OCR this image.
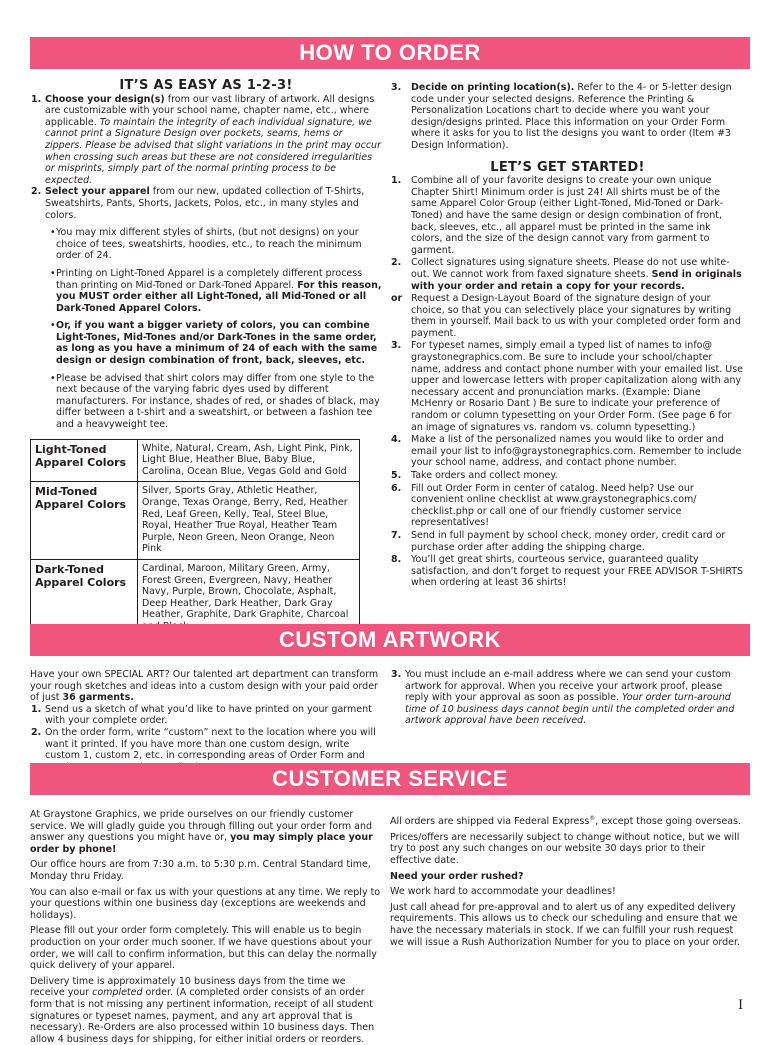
HOW TO ORDER
IT’S AS EASY AS 1-2-3!
1. Choose your design(s) from our vast library of artwork. All designs are customizable with your school name, chapter name, etc., where applicable. To maintain the integrity of each individual signature, we cannot print a Signature Design over pockets, seams, hems or zippers. Please be advised that slight variations in the print may occur when crossing such areas but these are not considered irregularities or misprints, simply part of the normal printing process to be expected.
2. Select your apparel from our new, updated collection of T-Shirts, Sweatshirts, Pants, Shorts, Jackets, Polos, etc., in many styles and colors.
• You may mix different styles of shirts, (but not designs) on your choice of tees, sweatshirts, hoodies, etc., to reach the minimum order of 24.
• Printing on Light-Toned Apparel is a completely different process than printing on Mid-Toned or Dark-Toned Apparel. For this reason, you MUST order either all Light-Toned, all Mid-Toned or all Dark-Toned Apparel Colors.
• Or, if you want a bigger variety of colors, you can combine Light-Tones, Mid-Tones and/or Dark-Tones in the same order, as long as you have a minimum of 24 of each with the same design or design combination of front, back, sleeves, etc.
• Please be advised that shirt colors may differ from one style to the next because of the varying fabric dyes used by different manufacturers. For instance, shades of red, or shades of black, may differ between a t-shirt and a sweatshirt, or between a fashion tee and a heavyweight tee.
Light-Toned Apparel Colors	White, Natural, Cream, Ash, Light Pink, Pink, Light Blue, Heather Blue, Baby Blue, Carolina, Ocean Blue, Vegas Gold and Gold
Mid-Toned Apparel Colors	Silver, Sports Gray, Athletic Heather, Orange, Texas Orange, Berry, Red, Heather Red, Leaf Green, Kelly, Teal, Steel Blue, Royal, Heather True Royal, Heather Team Purple, Neon Green, Neon Orange, Neon Pink
Dark-Toned Apparel Colors	Cardinal, Maroon, Military Green, Army, Forest Green, Evergreen, Navy, Heather Navy, Purple, Brown, Chocolate, Asphalt, Deep Heather, Dark Heather, Dark Gray Heather, Graphite, Dark Graphite, Charcoal
3. Decide on printing location(s). Refer to the 4- or 5-letter design code under your selected designs. Reference the Printing & Personalization Locations chart to decide where you want your design/designs printed. Place this information on your Order Form where it asks for you to list the designs you want to order (Item #3 Design Information).
LET’S GET STARTED!
1. Combine all of your favorite designs to create your own unique Chapter Shirt! Minimum order is just 24! All shirts must be of the same Apparel Color Group (either Light-Toned, Mid-Toned or Dark-Toned) and have the same design or design combination of front, back, sleeves, etc., all apparel must be printed in the same ink colors, and the size of the design cannot vary from garment to garment.
2. Collect signatures using signature sheets. Please do not use white-out. We cannot work from faxed signature sheets. Send in originals with your order and retain a copy for your records.
or Request a Design-Layout Board of the signature design of your choice, so that you can selectively place your signatures by writing them in yourself. Mail back to us with your completed order form and payment.
3. For typeset names, simply email a typed list of names to info@ graystonegraphics.com. Be sure to include your school/chapter name, address and contact phone number with your emailed list. Use upper and lowercase letters with proper capitalization along with any necessary accent and pronunciation marks. (Example: Diane McHenry or Rosario Dant ) Be sure to indicate your preference of random or column typesetting on your Order Form. (See page 6 for an image of signatures vs. random vs. column typesetting.)
4. Make a list of the personalized names you would like to order and email your list to info@graystonegraphics.com. Remember to include your school name, address, and contact phone number.
5. Take orders and collect money.
6. Fill out Order Form in center of catalog. Need help? Use our convenient online checklist at www.graystonegraphics.com/ checklist.php or call one of our friendly customer service representatives!
7. Send in full payment by school check, money order, credit card or purchase order after adding the shipping charge.
8. You’ll get great shirts, courteous service, guaranteed quality satisfaction, and don’t forget to request your FREE ADVISOR T-SHIRTS when ordering at least 36 shirts!
CUSTOM ARTWORK

Have your own SPECIAL ART? Our talented art department can transform your rough sketches and ideas into a custom design with your paid order of just 36 garments.

1. Send us a sketch of what you’d like to have printed on your garment with your complete order.
2. On the order form, write “custom” next to the location where you will want it printed. If you have more than one custom design, write custom 1, custom 2, etc. in corresponding areas of Order Form and
3. You must include an e-mail address where we can send your custom artwork for approval. When you receive your artwork proof, please reply with your approval as soon as possible. Your order turn-around time of 10 business days cannot begin until the completed order and artwork approval have been received.
CUSTOMER SERVICE

At Graystone Graphics, we pride ourselves on our friendly customer service. We will gladly guide you through filling out your order form and answer any questions you might have or, you may simply place your order by phone!

Our office hours are from 7:30 a.m. to 5:30 p.m. Central Standard time, Monday thru Friday.

You can also e-mail or fax us with your questions at any time. We reply to your questions within one business day (exceptions are weekends and holidays).

Please fill out your order form completely. This will enable us to begin production on your order much sooner. If we have questions about your order, we will call to confirm information, but this can delay the normally quick delivery of your apparel.

Delivery time is approximately 10 business days from the time we receive your completed order. (A completed order consists of an order form that is not missing any pertinent information, receipt of all student signatures or typeset names, payment, and any art approval that is necessary). Re-Orders are also processed within 10 business days. Then allow 4 business days for shipping, for either initial orders or reorders.

All orders are shipped via Federal Express®, except those going overseas.

Prices/offers are necessarily subject to change without notice, but we will try to post any such changes on our website 30 days prior to their effective date.

Need your order rushed?

We work hard to accommodate your deadlines!

Just call ahead for pre-approval and to alert us of any expedited delivery requirements. This allows us to check our scheduling and ensure that we have the necessary materials in stock. If we can fulfill your rush request we will issue a Rush Authorization Number for you to place on your order.

I
